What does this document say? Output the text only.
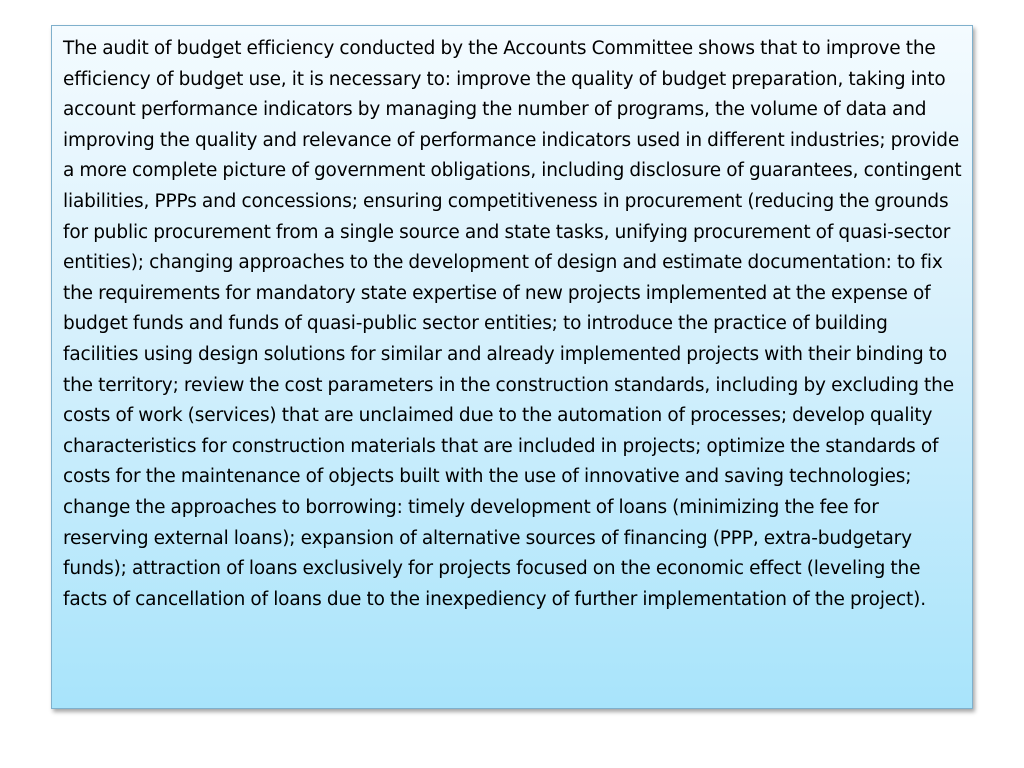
The audit of budget efficiency conducted by the Accounts Committee shows that to improve the efficiency of budget use, it is necessary to: improve the quality of budget preparation, taking into account performance indicators by managing the number of programs, the volume of data and improving the quality and relevance of performance indicators used in different industries; provide a more complete picture of government obligations, including disclosure of guarantees, contingent liabilities, PPPs and concessions; ensuring competitiveness in procurement (reducing the grounds for public procurement from a single source and state tasks, unifying procurement of quasi-sector entities); changing approaches to the development of design and estimate documentation: to fix the requirements for mandatory state expertise of new projects implemented at the expense of budget funds and funds of quasi-public sector entities; to introduce the practice of building facilities using design solutions for similar and already implemented projects with their binding to the territory; review the cost parameters in the construction standards, including by excluding the costs of work (services) that are unclaimed due to the automation of processes; develop quality characteristics for construction materials that are included in projects; optimize the standards of costs for the maintenance of objects built with the use of innovative and saving technologies; change the approaches to borrowing: timely development of loans (minimizing the fee for reserving external loans); expansion of alternative sources of financing (PPP, extra-budgetary funds); attraction of loans exclusively for projects focused on the economic effect (leveling the facts of cancellation of loans due to the inexpediency of further implementation of the project).
